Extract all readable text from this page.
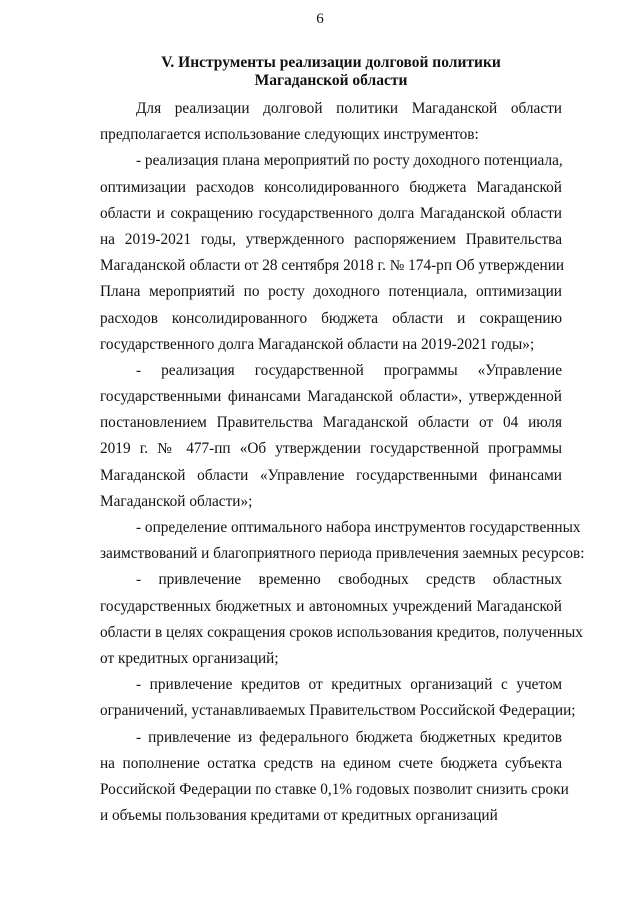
6
V. Инструменты реализации долговой политики
Магаданской области
Для реализации долговой политики Магаданской области
предполагается использование следующих инструментов:
- реализация плана мероприятий по росту доходного потенциала,
оптимизации расходов консолидированного бюджета Магаданской
области и сокращению государственного долга Магаданской области
на 2019-2021 годы, утвержденного распоряжением Правительства
Магаданской области от 28 сентября 2018 г. № 174-рп Об утверждении
Плана мероприятий по росту доходного потенциала, оптимизации
расходов консолидированного бюджета области и сокращению
государственного долга Магаданской области на 2019-2021 годы»;
- реализация государственной программы «Управление
государственными финансами Магаданской области», утвержденной
постановлением Правительства Магаданской области от 04 июля
2019 г. № 477-пп «Об утверждении государственной программы
Магаданской области «Управление государственными финансами
Магаданской области»;
- определение оптимального набора инструментов государственных
заимствований и благоприятного периода привлечения заемных ресурсов:
- привлечение временно свободных средств областных
государственных бюджетных и автономных учреждений Магаданской
области в целях сокращения сроков использования кредитов, полученных
от кредитных организаций;
- привлечение кредитов от кредитных организаций с учетом
ограничений, устанавливаемых Правительством Российской Федерации;
- привлечение из федерального бюджета бюджетных кредитов
на пополнение остатка средств на едином счете бюджета субъекта
Российской Федерации по ставке 0,1% годовых позволит снизить сроки
и объемы пользования кредитами от кредитных организаций
